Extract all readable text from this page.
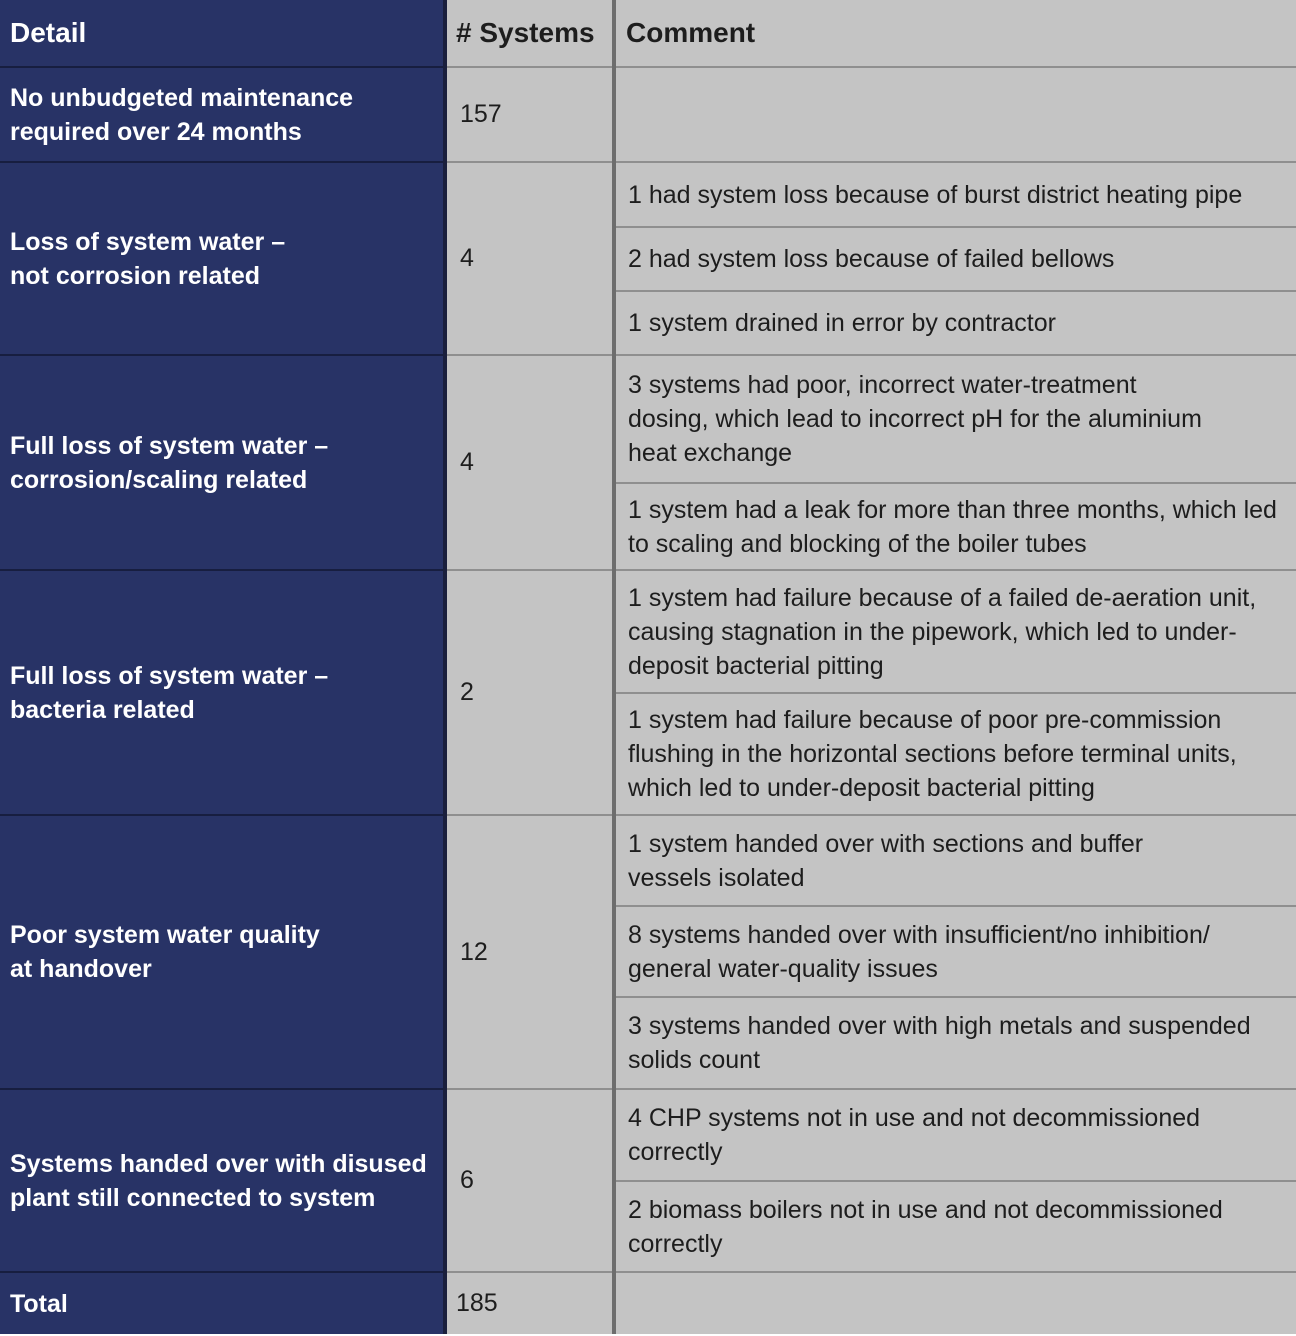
Detail	# Systems Comment
No unbudgeted maintenance
required over 24 months
157
Loss of system water –
not corrosion related
4
1 had system loss because of burst district heating pipe
2 had system loss because of failed bellows
1 system drained in error by contractor
Full loss of system water –
corrosion/scaling related
4
3 systems had poor, incorrect water-treatment
dosing, which lead to incorrect pH for the aluminium
heat exchange
1 system had a leak for more than three months, which led
to scaling and blocking of the boiler tubes
Full loss of system water –
bacteria related
2
1 system had failure because of a failed de-aeration unit,
causing stagnation in the pipework, which led to under-
deposit bacterial pitting
1 system had failure because of poor pre-commission
flushing in the horizontal sections before terminal units,
which led to under-deposit bacterial pitting
Poor system water quality
at handover
12
1 system handed over with sections and buffer
vessels isolated
8 systems handed over with insufficient/no inhibition/
general water-quality issues
3 systems handed over with high metals and suspended
solids count
Systems handed over with disused
plant still connected to system
6
4 CHP systems not in use and not decommissioned
correctly
2 biomass boilers not in use and not decommissioned
correctly
Total	185
